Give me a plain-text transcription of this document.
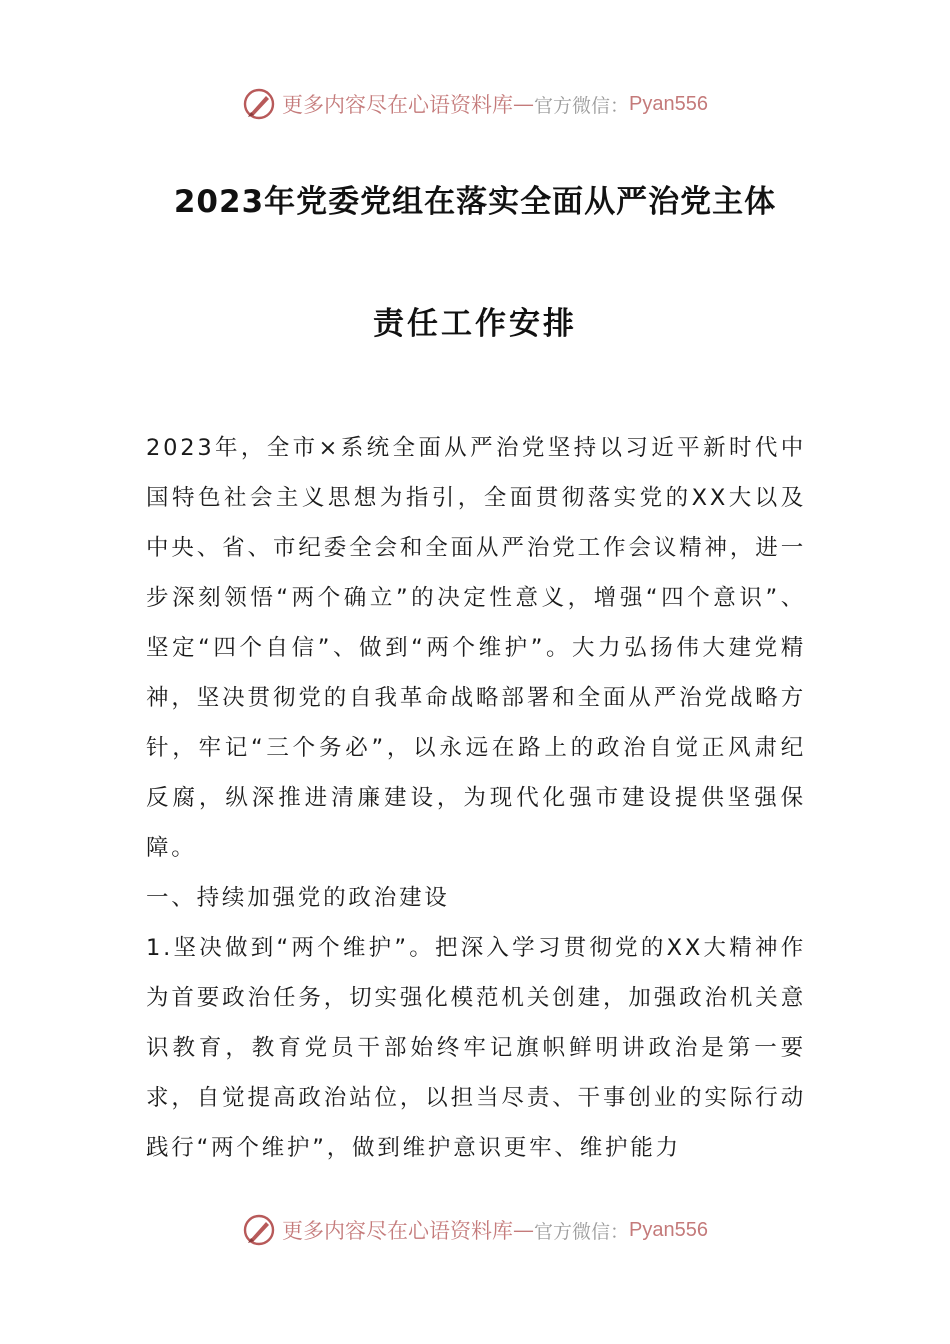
更多内容尽在心语资料库 — 官方微信： Pyan556
2023年党委党组在落实全面从严治党主体
责任工作安排

2023年，全市×系统全面从严治党坚持以习近平新时代中国特色社会主义思想为指引，全面贯彻落实党的XX大以及中央、省、市纪委全会和全面从严治党工作会议精神，进一步深刻领悟“两个确立”的决定性意义，增强“四个意识”、坚定“四个自信”、做到“两个维护”。大力弘扬伟大建党精神，坚决贯彻党的自我革命战略部署和全面从严治党战略方针，牢记“三个务必”，以永远在路上的政治自觉正风肃纪反腐，纵深推进清廉建设，为现代化强市建设提供坚强保障。

一、持续加强党的政治建设

1.坚决做到“两个维护”。把深入学习贯彻党的XX大精神作为首要政治任务，切实强化模范机关创建，加强政治机关意识教育，教育党员干部始终牢记旗帜鲜明讲政治是第一要求，自觉提高政治站位，以担当尽责、干事创业的实际行动践行“两个维护”，做到维护意识更牢、维护能力

更多内容尽在心语资料库 — 官方微信： Pyan556
